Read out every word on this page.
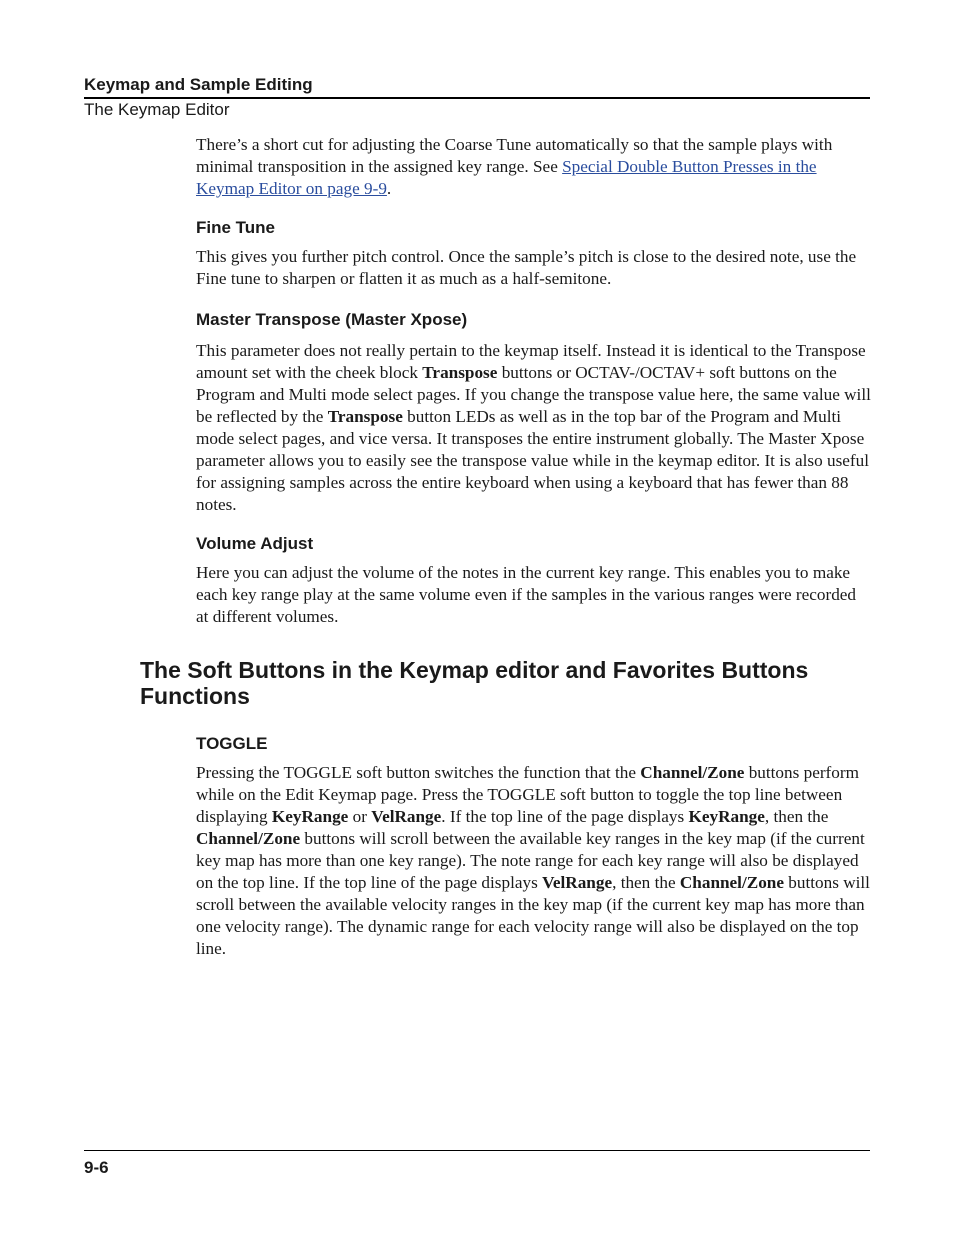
Keymap and Sample Editing
The Keymap Editor

There’s a short cut for adjusting the Coarse Tune automatically so that the sample plays with minimal transposition in the assigned key range. See Special Double Button Presses in the Keymap Editor on page 9-9.

Fine Tune

This gives you further pitch control. Once the sample’s pitch is close to the desired note, use the Fine tune to sharpen or flatten it as much as a half-semitone.

Master Transpose (Master Xpose)

This parameter does not really pertain to the keymap itself. Instead it is identical to the Transpose amount set with the cheek block Transpose buttons or OCTAV-/OCTAV+ soft buttons on the Program and Multi mode select pages. If you change the transpose value here, the same value will be reflected by the Transpose button LEDs as well as in the top bar of the Program and Multi mode select pages, and vice versa. It transposes the entire instrument globally. The Master Xpose parameter allows you to easily see the transpose value while in the keymap editor. It is also useful for assigning samples across the entire keyboard when using a keyboard that has fewer than 88 notes.

Volume Adjust

Here you can adjust the volume of the notes in the current key range. This enables you to make each key range play at the same volume even if the samples in the various ranges were recorded at different volumes.

The Soft Buttons in the Keymap editor and Favorites Buttons Functions
TOGGLE

Pressing the TOGGLE soft button switches the function that the Channel/Zone buttons perform while on the Edit Keymap page. Press the TOGGLE soft button to toggle the top line between displaying KeyRange or VelRange. If the top line of the page displays KeyRange, then the Channel/Zone buttons will scroll between the available key ranges in the key map (if the current key map has more than one key range). The note range for each key range will also be displayed on the top line. If the top line of the page displays VelRange, then the Channel/Zone buttons will scroll between the available velocity ranges in the key map (if the current key map has more than one velocity range). The dynamic range for each velocity range will also be displayed on the top line.

9-6
